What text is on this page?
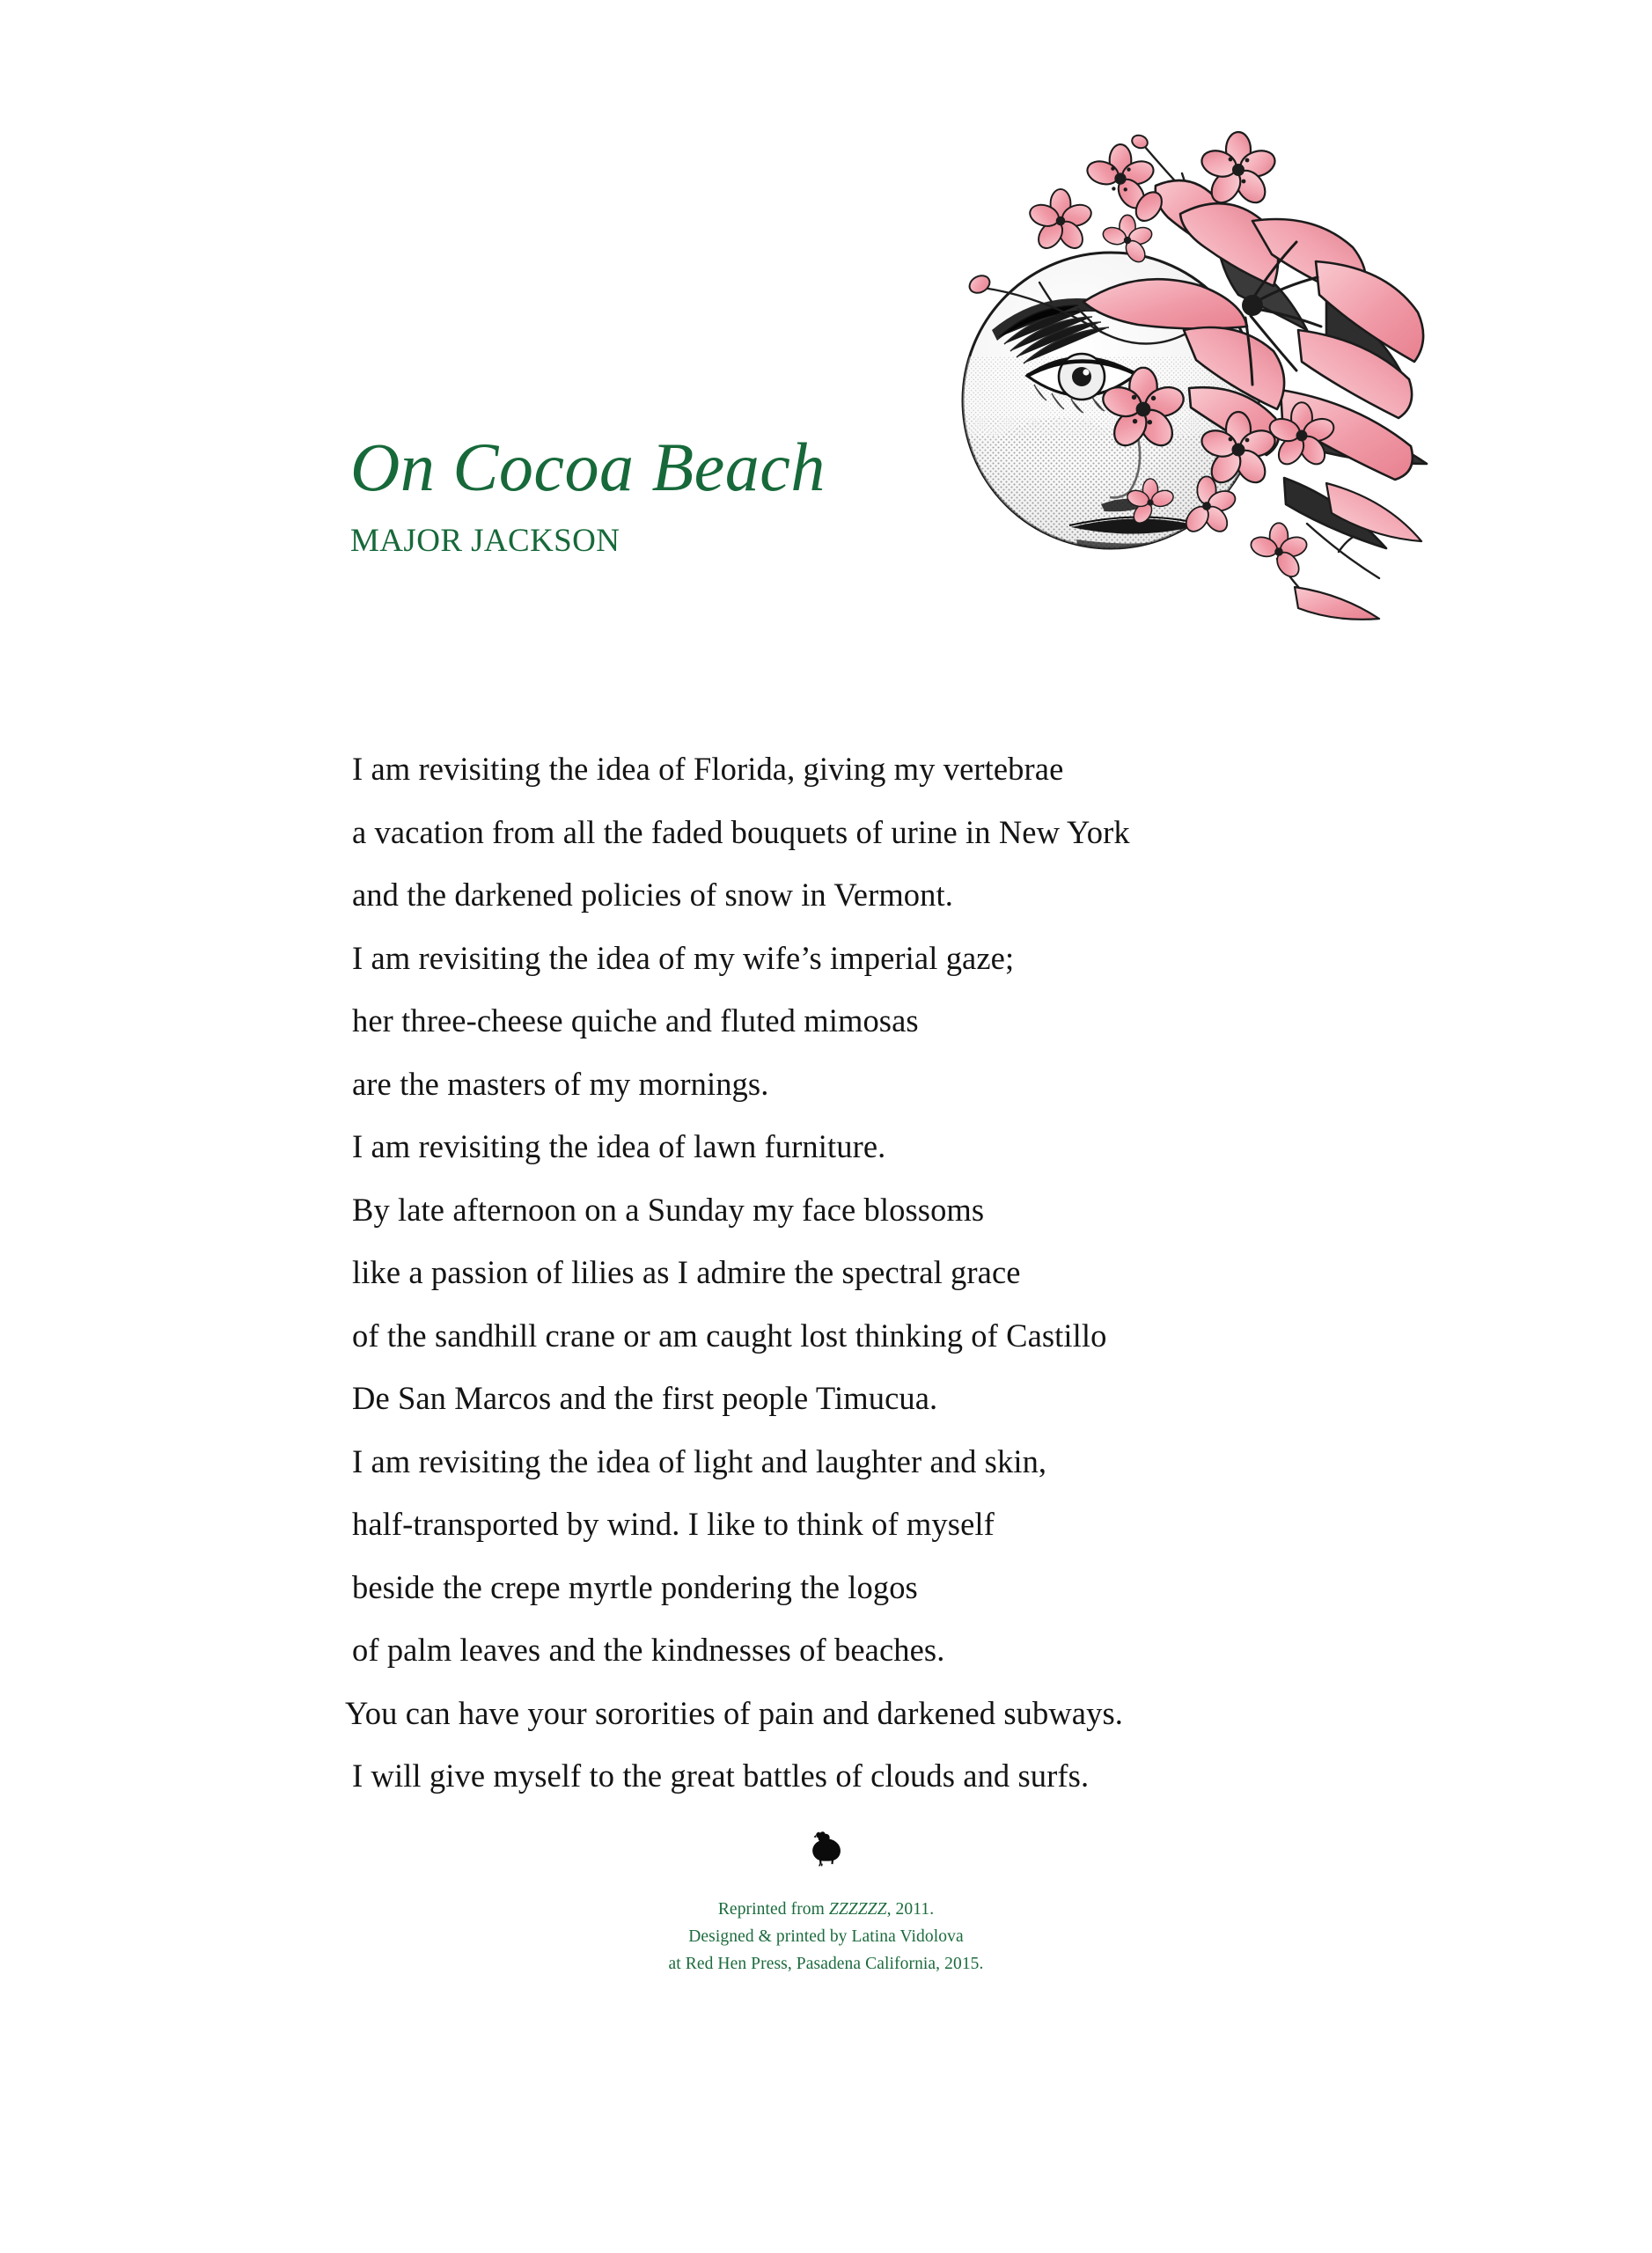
On Cocoa Beach
MAJOR JACKSON
I am revisiting the idea of Florida, giving my vertebrae
a vacation from all the faded bouquets of urine in New York
and the darkened policies of snow in Vermont.
I am revisiting the idea of my wife’s imperial gaze;
her three-cheese quiche and fluted mimosas
are the masters of my mornings.
I am revisiting the idea of lawn furniture.
By late afternoon on a Sunday my face blossoms
like a passion of lilies as I admire the spectral grace
of the sandhill crane or am caught lost thinking of Castillo
De San Marcos and the first people Timucua.
I am revisiting the idea of light and laughter and skin,
half-transported by wind. I like to think of myself
beside the crepe myrtle pondering the logos
of palm leaves and the kindnesses of beaches.
You can have your sororities of pain and darkened subways.
I will give myself to the great battles of clouds and surfs.
Reprinted from ZZZZZZ, 2011.
Designed & printed by Latina Vidolova
at Red Hen Press, Pasadena California, 2015.
